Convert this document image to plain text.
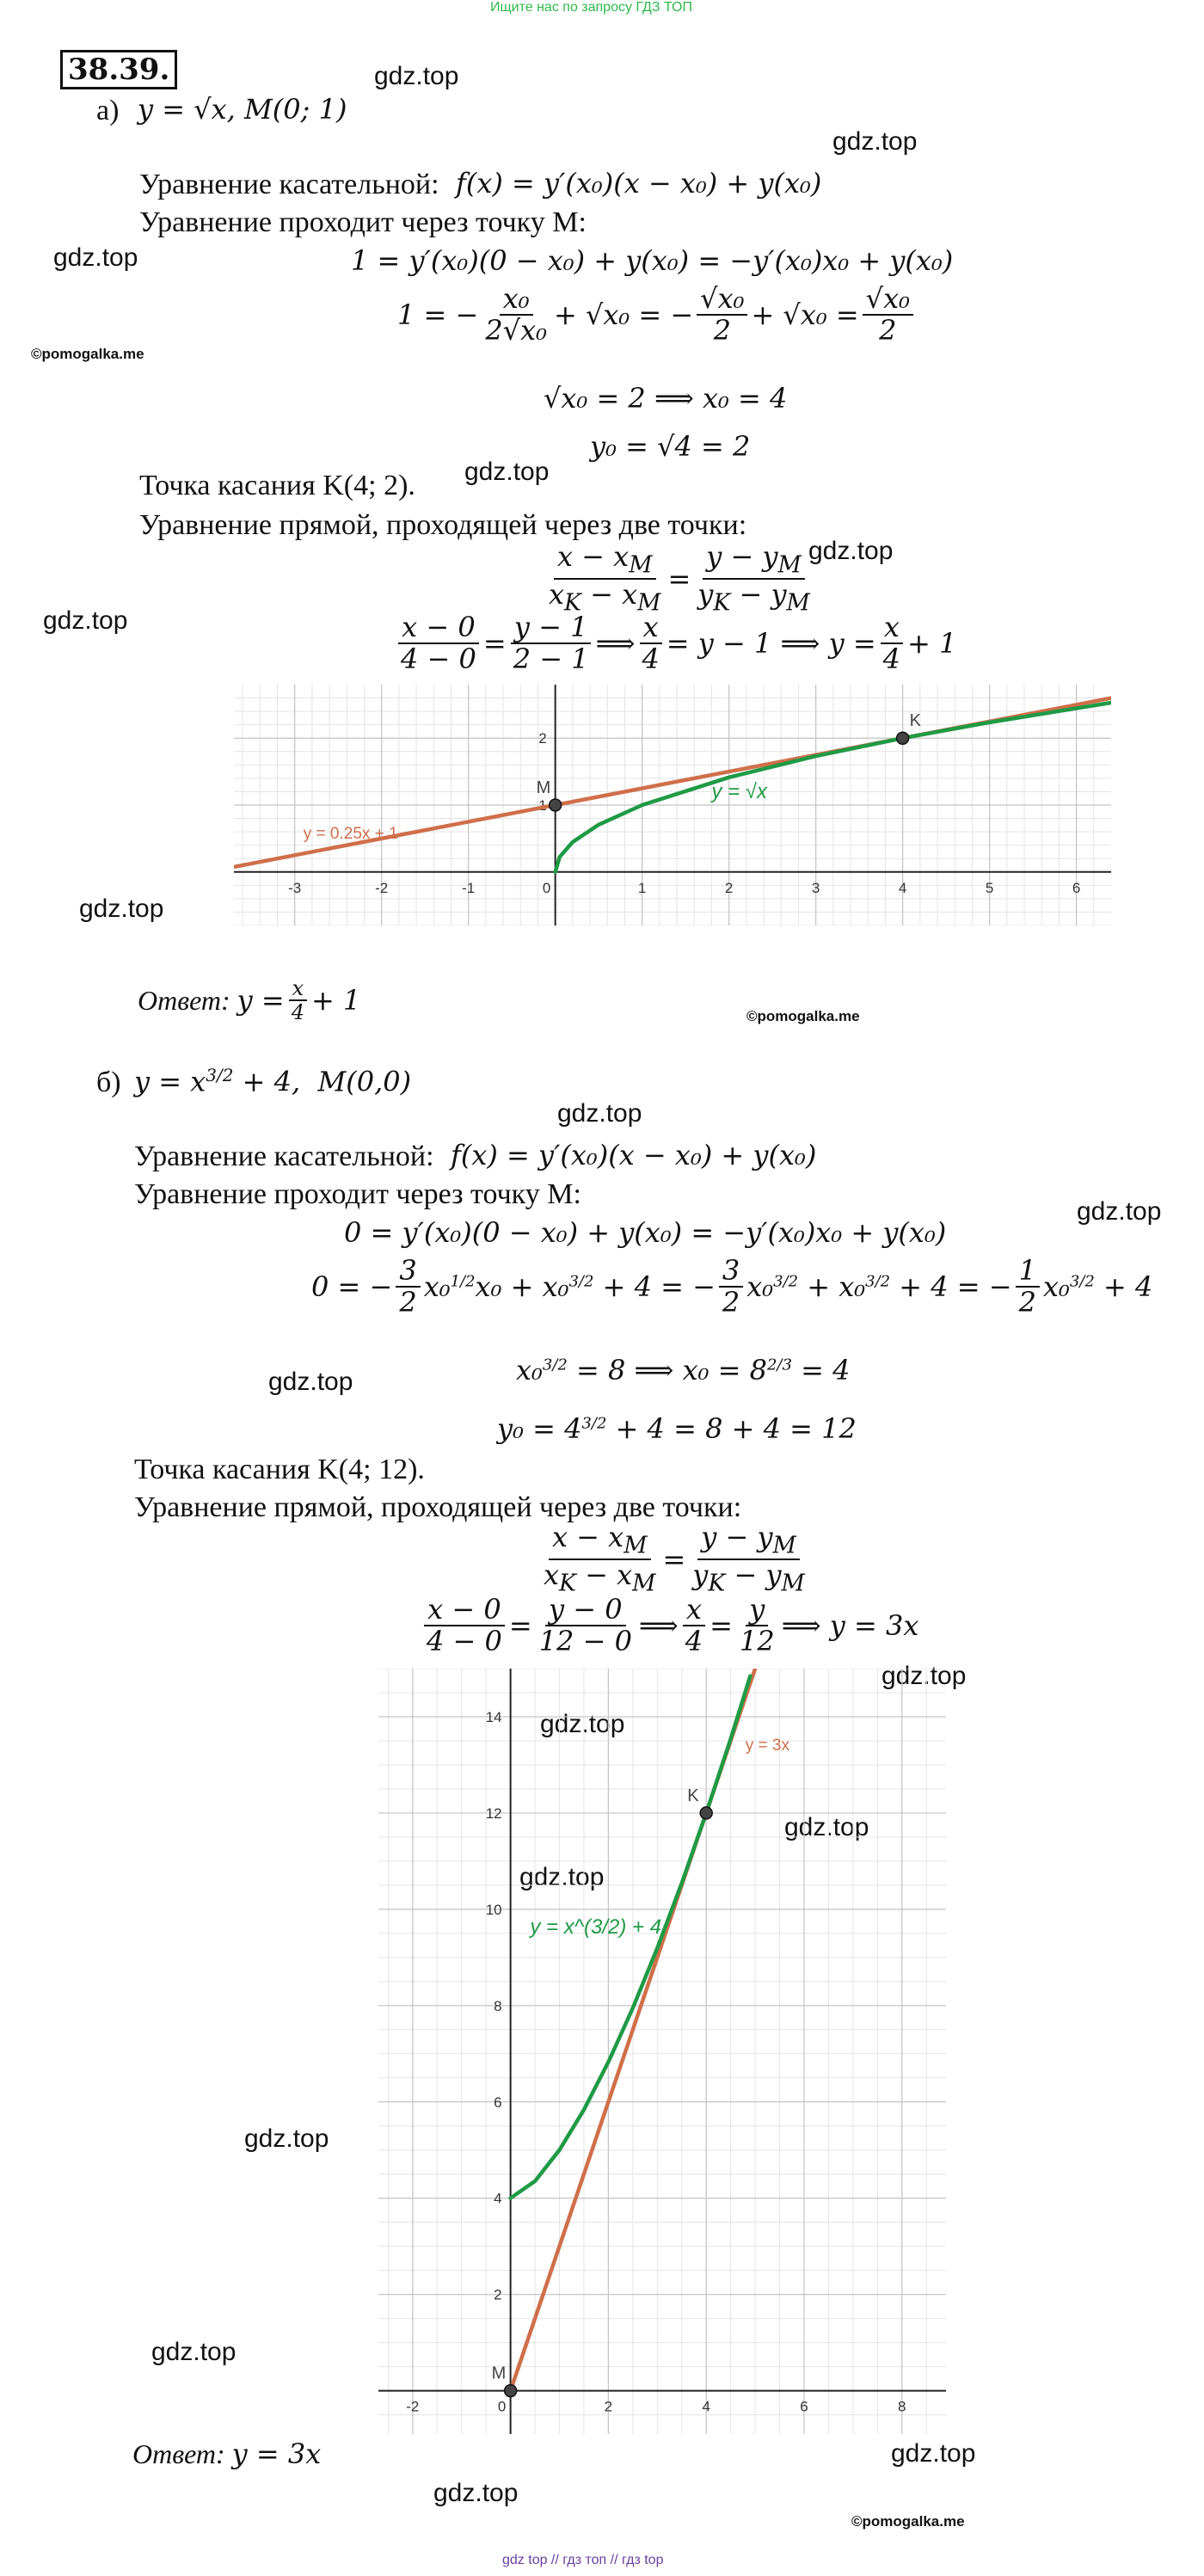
Ищите нас по запросу ГДЗ ТОП
38.39.	gdz.top
gdz.top
gdz.top
©pomogalka.me
gdz.top
gdz.top
gdz.top
gdz.top
©pomogalka.me
gdz.top
gdz.top
gdz.top
gdz.top
gdz.top
gdz.top
gdz.top
gdz.top
gdz.top
gdz.top
gdz.top
©pomogalka.me
а) y = √x, M(0; 1)
Уравнение касательной: f(x) = y′(x₀)(x − x₀) + y(x₀)
Уравнение проходит через точку M:
1 = y′(x₀)(0 − x₀) + y(x₀) = −y′(x₀)x₀ + y(x₀)
1 = − $\frac{\text{x₀}}{\text{2√x₀}} + √x_0$ = − $\frac{\text{√x₀}}{2} + √x_0 = \frac{\text{√x₀}}{2}$
√x₀ = 2 ⟹ x₀ = 4
y₀ = √4 = 2
Точка касания K(4; 2).
Уравнение прямой, проходящей через две точки:
$\frac{x - x_M}{x_K - x_M} = \frac{y - y_M}{y_K - y_M}$
$\frac{x - 0}{4 - 0} = \frac{y - 1}{2 - 1}$ ⟹ $\frac{x}{4} = y - 1$ ⟹ $y = \frac{x}{4} + 1$
-3	-2	-1	0	1	2	3	4	5	6
1
2
y = 0.25x + 1
y = √x
M
K
Ответ: $y = \frac{x}{4} + 1$
б) $y = x^{3/2} + 4$,  M(0,0)
Уравнение касательной: f(x) = y′(x₀)(x − x₀) + y(x₀)
Уравнение проходит через точку M:
0 = y′(x₀)(0 − x₀) + y(x₀) = −y′(x₀)x₀ + y(x₀)
0 = − $\frac{3}{2} x_0^{1/2}x_0 + x_0^{3/2} + 4$ = − $\frac{3}{2} x_0^{3/2} + x_0^{3/2} + 4$ = − $\frac{1}{2} x_0^{3/2} + 4$
x₀$^{3/2}$ = 8 ⟹ $x_0 = 8^{2/3} = 4$
$y_0 = 4^{3/2} + 4 = 8 + 4 = 12$
Точка касания K(4; 12).
Уравнение прямой, проходящей через две точки:
$\frac{x - x_M}{x_K - x_M} = \frac{y - y_M}{y_K - y_M}$
$\frac{x - 0}{4 - 0} = \frac{y - 0}{12 - 0}$ ⟹ $\frac{x}{4} = \frac{y}{12}$ ⟹ y = 3x
-2	0	2	4	6	8
2
4
6
8
10
12
14
y = 3x
y = x^(3/2) + 4
M
K
Ответ: y = 3x
gdz top // гдз топ // гдз top
